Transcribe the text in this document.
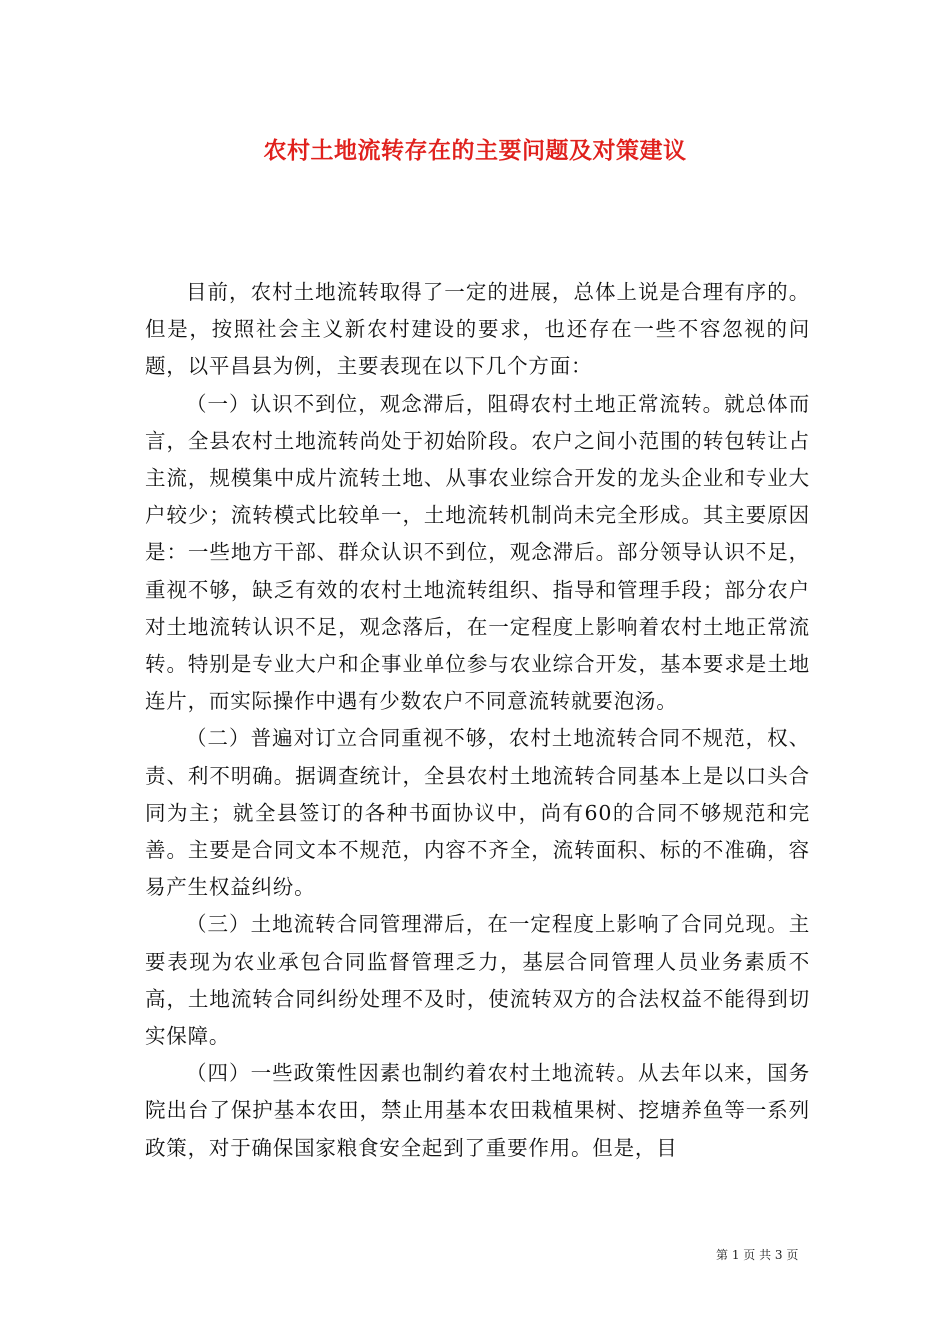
农村土地流转存在的主要问题及对策建议

目前，农村土地流转取得了一定的进展，总体上说是合理有序的。但是，按照社会主义新农村建设的要求，也还存在一些不容忽视的问题，以平昌县为例，主要表现在以下几个方面：

（一）认识不到位，观念滞后，阻碍农村土地正常流转。就总体而言，全县农村土地流转尚处于初始阶段。农户之间小范围的转包转让占主流，规模集中成片流转土地、从事农业综合开发的龙头企业和专业大户较少；流转模式比较单一，土地流转机制尚未完全形成。其主要原因是：一些地方干部、群众认识不到位，观念滞后。部分领导认识不足，重视不够，缺乏有效的农村土地流转组织、指导和管理手段；部分农户对土地流转认识不足，观念落后，在一定程度上影响着农村土地正常流转。特别是专业大户和企事业单位参与农业综合开发，基本要求是土地连片，而实际操作中遇有少数农户不同意流转就要泡汤。

（二）普遍对订立合同重视不够，农村土地流转合同不规范，权、责、利不明确。据调查统计，全县农村土地流转合同基本上是以口头合同为主；就全县签订的各种书面协议中，尚有60的合同不够规范和完善。主要是合同文本不规范，内容不齐全，流转面积、标的不准确，容易产生权益纠纷。

（三）土地流转合同管理滞后，在一定程度上影响了合同兑现。主要表现为农业承包合同监督管理乏力，基层合同管理人员业务素质不高，土地流转合同纠纷处理不及时，使流转双方的合法权益不能得到切实保障。

（四）一些政策性因素也制约着农村土地流转。从去年以来，国务院出台了保护基本农田，禁止用基本农田栽植果树、挖塘养鱼等一系列政策，对于确保国家粮食安全起到了重要作用。但是，目

第 1 页 共 3 页
